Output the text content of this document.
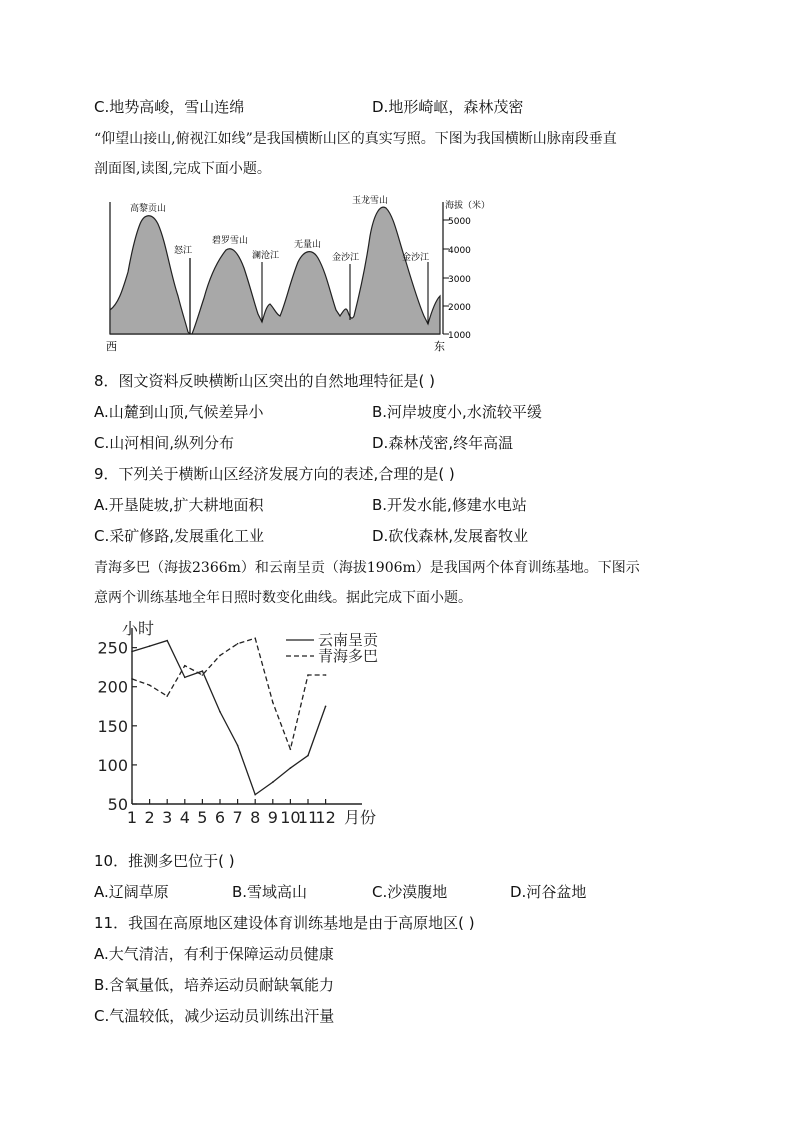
C.地势高峻，雪山连绵	D.地形崎岖，森林茂密
“仰望山接山,俯视江如线”是我国横断山区的真实写照。下图为我国横断山脉南段垂直
剖面图,读图,完成下面小题。
高黎贡山
碧罗雪山	无量山
玉龙雪山
怒江	澜沧江	金沙江	金沙江
海拔（米）
5000
4000
3000
2000
1000
西	东
8．图文资料反映横断山区突出的自然地理特征是( )
A.山麓到山顶,气候差异小	B.河岸坡度小,水流较平缓
C.山河相间,纵列分布	D.森林茂密,终年高温
9．下列关于横断山区经济发展方向的表述,合理的是( )
A.开垦陡坡,扩大耕地面积	B.开发水能,修建水电站
C.采矿修路,发展重化工业	D.砍伐森林,发展畜牧业
青海多巴（海拔2366m）和云南呈贡（海拔1906m）是我国两个体育训练基地。下图示
意两个训练基地全年日照时数变化曲线。据此完成下面小题。
50
100
150
200
250
1 2 3 4 5 6 7 8 9 10
11
12
小时
月份
云南呈贡
青海多巴
10．推测多巴位于( )
A.辽阔草原	B.雪域高山	C.沙漠腹地	D.河谷盆地
11．我国在高原地区建设体育训练基地是由于高原地区( )
A.大气清洁，有利于保障运动员健康
B.含氧量低，培养运动员耐缺氧能力
C.气温较低，减少运动员训练出汗量
